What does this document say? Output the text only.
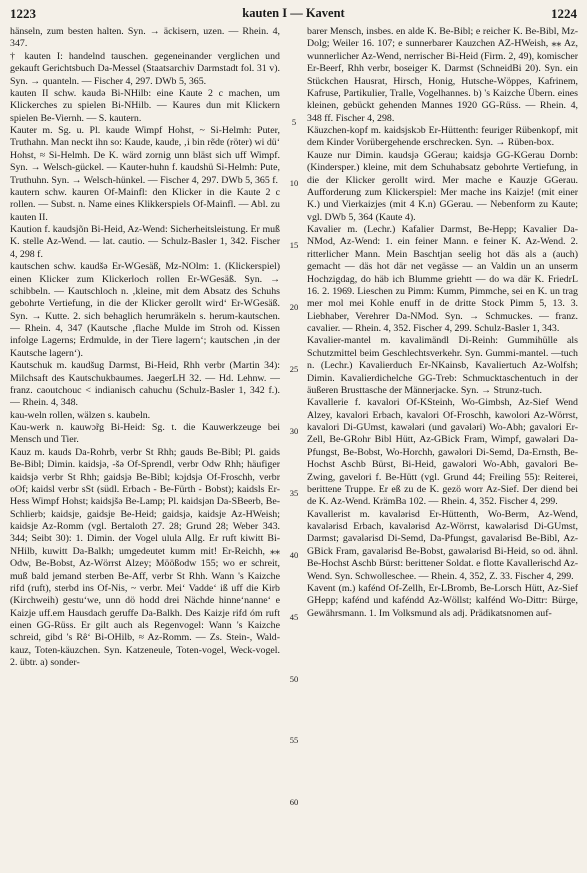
1223	kauten I — Kavent	1224

hänseln, zum besten halten. Syn. → äckisern, uzen. — Rhein. 4, 347.

† kauten I: handelnd tauschen. gegeneinander verglichen und gekauft Gerichtsbuch Da-Messel (Staatsarchiv Darmstadt fol. 31 v). Syn. → quanteln. — Fischer 4, 297. DWb 5, 365.

kauten II schw. kaudə Bi-NHilb: eine Kaute 2 c machen, um Klickerches zu spielen Bi-NHilb. — Kaures dun mit Klickern spielen Be-Viernh. — S. kautern.

Kauter m. Sg. u. Pl. kaudɐ Wimpf Hohst, ~ Si-Helmh: Puter, Truthahn. Man neckt ihn so: Kaudɐ, kaudɐ, ‚i bin rẽdɐ (röter) wi dü‘ Hohst, ≈ Si-Helmh. De K. wärd zornig unn bläst sich uff Wimpf. Syn. → Welsch-gückel. — Kauter-huhn f. kaudshü Si-Helmh: Pute, Truthuhn. Syn. → Welsch-hünkel. — Fischer 4, 297. DWb 5, 365 f.

kautern schw. kaurɐn Of-Mainfl: den Klicker in die Kaute 2 c rollen. — Subst. n. Name eines Klikkerspiels Of-Mainfl. — Abl. zu kauten II.

Kaution f. kaudsjõn Bi-Heid, Az-Wend: Sicherheitsleistung. Er muß K. stelle Az-Wend. — lat. cautio. — Schulz-Basler 1, 342. Fischer 4, 298 f.

kautschen schw. kaudšə Er-WGesäß, Mz-NOlm: 1. (Klickerspiel) einen Klicker zum Klickerloch rollen Er-WGesäß. Syn. → schibbeln. — Kautschloch n. ‚kleine, mit dem Absatz des Schuhs gebohrte Vertiefung, in die der Klicker gerollt wird‘ Er-WGesäß. Syn. → Kutte. 2. sich behaglich herumräkeln s. herum-kautschen. — Rhein. 4, 347 (Kautsche ‚flache Mulde im Stroh od. Kissen infolge Lagerns; Erdmulde, in der Tiere lagern‘; kautschen ‚in der Kautsche lagern‘).

Kautschuk m. kaudšug Darmst, Bi-Heid, Rhh verbr (Martin 34): Milchsaft des Kautschukbaumes. JaegerLH 32. — Hd. Lehnw. — franz. caoutchouc < indianisch cahuchu (Schulz-Basler 1, 342 f.). — Rhein. 4, 348.

kau-weln rollen, wälzen s. kaubeln.

Kau-werk n. kauwɔ̃rg Bi-Heid: Sg. t. die Kauwerkzeuge bei Mensch und Tier.

Kauz m. kauds Da-Rohrb, verbr St Rhh; gauds Be-Bibl; Pl. gaids Be-Bibl; Dimin. kaidsjə, -šə Of-Sprendl, verbr Odw Rhh; häufiger kaidsjə verbr St Rhh; gaidsjə Be-Bibl; kɔjdsjə Of-Froschh, verbr oOf; kaidsl verbr sSt (südl. Erbach - Be-Fürth - Bobst); kaidsls Er-Hess Wimpf Hohst; kaidsjšə Be-Lamp; Pl. kaidsjən Da-SBeerb, Be-Schlierb; kaidsjɐ, gaidsjɐ Be-Heid; gaidsjə, kaidsjɐ Az-HWeish; kaidsjɐ Az-Romm (vgl. Bertaloth 27. 28; Grund 28; Weber 343. 344; Seibt 30): 1. Dimin. der Vogel ulula Allg. Er ruft kiwitt Bi-NHilb, kuwitt Da-Balkh; umgedeutet kumm mit! Er-Reichh, ⁎⁎ Odw, Be-Bobst, Az-Wörrst Alzey; Möößodw 155; wo er schreit, muß bald jemand sterben Be-Aff, verbr St Rhh. Wann 's Kaizche rifd (ruft), sterbd ins Of-Nis, ~ verbr. Mei‘ Vadde‘ iß uff die Kirb (Kirchweih) gestu‘we, unn dö hodd drei Nächde hinne‘nanne‘ e Kaizje uff.em Hausdach geruffe Da-Balkh. Des Kaizje rifd óm ruft einen GG-Rüss. Er gilt auch als Regenvogel: Wann 's Kaizche schreid, gibd 's Rê‘ Bi-OHilb, ≈ Az-Romm. — Zs. Stein-, Wald-kauz, Toten-käuzchen. Syn. Katzeneule, Toten-vogel, Weck-vogel. 2. übtr. a) sonder-

5
10
15
20
25
30
35
40
45
50
55
60

barer Mensch, insbes. en alde K. Be-Bibl; e reicher K. Be-Bibl, Mz-Dolg; Weiler 16. 107; e sunnerbarer Kauzchen AZ-HWeish, ⁎⁎ Az, wunnerlicher Az-Wend, nerrischer Bi-Heid (Firm. 2, 49), komischer Er-Beerf, Rhh verbr, boseiger K. Darmst (SchneidBi 20). Syn. ein Stückchen Hausrat, Hirsch, Honig, Hutsche-Wöppes, Kafrinem, Kafruse, Partikulier, Tralle, Vogelhannes. b) 's Kaizche Übern. eines kleinen, gebückt gehenden Mannes 1920 GG-Rüss. — Rhein. 4, 348 ff. Fischer 4, 298.

Käuzchen-kopf m. kaidsjskɔb Er-Hüttenth: feuriger Rübenkopf, mit dem Kinder Vorübergehende erschrecken. Syn. → Rüben-box.

Kauze nur Dimin. kaudsjə GGerau; kaidsjə GG-KGerau Dornb: (Kindersper.) kleine, mit dem Schuhabsatz gebohrte Vertiefung, in die der Klicker gerollt wird. Mer mache e Kauzje GGerau. Aufforderung zum Klickerspiel: Mer mache ins Kaizje! (mit einer K.) und Vierkaizjes (mit 4 K.n) GGerau. — Nebenform zu Kaute; vgl. DWb 5, 364 (Kaute 4).

Kavalier m. (Lechr.) Kafalier Darmst, Be-Hepp; Kavalier Da-NMod, Az-Wend: 1. ein feiner Mann. e feiner K. Az-Wend. 2. ritterlicher Mann. Mein Baschtjan seelig hot däs als a (auch) gemacht — däs hot där net vegässe — an Valdin un an unserm Hochzigdag, do häb ich Blumme griehtt — do wa där K. FriedrL 16. 2. 1969. Lieschen zu Pimm: Kumm, Pimmche, sei en K. un trag mer mol mei Kohle enuff in de dritte Stock Pimm 5, 13. 3. Liebhaber, Verehrer Da-NMod. Syn. → Schmuckes. — franz. cavalier. — Rhein. 4, 352. Fischer 4, 299. Schulz-Basler 1, 343.

Kavalier-mantel m. kavalimändl Di-Reinh: Gummihülle als Schutzmittel beim Geschlechtsverkehr. Syn. Gummi-mantel. —tuch n. (Lechr.) Kavalierduch Er-NKainsb, Kavaliertuch Az-Wolfsh; Dimin. Kavalierdichelche GG-Treb: Schmucktaschentuch in der äußeren Brusttasche der Männerjacke. Syn. → Strunz-tuch.

Kavallerie f. kavalori Of-KSteinh, Wo-Gimbsh, Az-Sief Wend Alzey, kavalori Erbach, kavalori Of-Froschh, kawolori Az-Wörrst, kavalori Di-GUmst, kawələri (und gavələri) Wo-Abh; gavalori Er-Zell, Be-GRohr Bibl Hütt, Az-GBick Fram, Wimpf, gawələri Da-Pfungst, Be-Bobst, Wo-Horchh, gawəlori Di-Semd, Da-Ernsth, Be-Hochst Aschb Bürst, Bi-Heid, gawəlori Wo-Abh, gavalori Be-Zwing, gavelori f. Be-Hütt (vgl. Grund 44; Freiling 55): Reiterei, berittene Truppe. Er eß zu de K. gezö worr Az-Sief. Der diend bei de K. Az-Wend. KrämBa 102. — Rhein. 4, 352. Fischer 4, 299.

Kavallerist m. kavalərisd Er-Hüttenth, Wo-Berm, Az-Wend, kavalərisd Erbach, kavalərisd Az-Wörrst, kawələrisd Di-GUmst, Darmst; gavələrisd Di-Semd, Da-Pfungst, gavalərisd Be-Bibl, Az-GBick Fram, gavalərisd Be-Bobst, gawələrisd Bi-Heid, so od. ähnl. Be-Hochst Aschb Bürst: berittener Soldat. e flotte Kavallerischd Az-Wend. Syn. Schwolleschee. — Rhein. 4, 352, Z. 33. Fischer 4, 299.

Kavent (m.) kafénd Of-Zellh, Er-LBromb, Be-Lorsch Hütt, Az-Sief GHepp; kafénd und kaféndd Az-Wöllst; kalfénd Wo-Dittr: Bürge, Gewährsmann. 1. Im Volksmund als adj. Prädikatsnomen auf-
